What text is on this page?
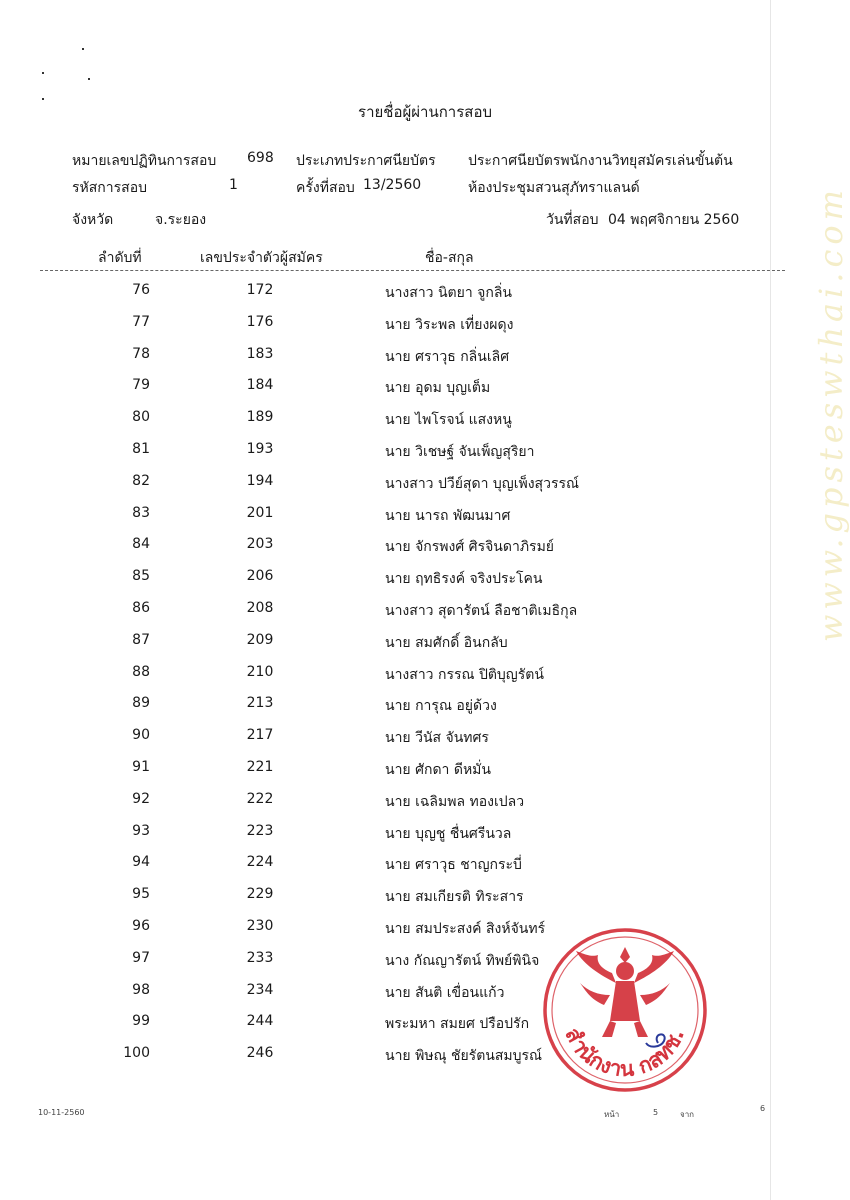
www.gpsteswthai.com
รายชื่อผู้ผ่านการสอบ
หมายเลขปฏิทินการสอบ 698 ประเภทประกาศนียบัตร ประกาศนียบัตรพนักงานวิทยุสมัครเล่นขั้นต้น
รหัสการสอบ	1	ครั้งที่สอบ 13/2560	ห้องประชุมสวนสุภัทราแลนด์
จังหวัด	จ.ระยอง	วันที่สอบ 04 พฤศจิกายน 2560
ลำดับที่	เลขประจำตัวผู้สมัคร	ชื่อ-สกุล
76	172	นางสาว นิตยา จูกลิ่น
77	176	นาย วิระพล เที่ยงผดุง
78	183	นาย ศราวุธ กลิ่นเลิศ
79	184	นาย อุดม บุญเต็ม
80	189	นาย ไพโรจน์ แสงหนู
81	193	นาย วิเชษฐ์ จันเพ็ญสุริยา
82	194	นางสาว ปวีย์สุดา บุญเพ็งสุวรรณ์
83	201	นาย นารถ พัฒนมาศ
84	203	นาย จักรพงศ์ ศิรจินดาภิรมย์
85	206	นาย ฤทธิรงค์ จริงประโคน
86	208	นางสาว สุดารัตน์ ลือชาติเมธิกุล
87	209	นาย สมศักดิ์ อินกลับ
88	210	นางสาว กรรณ ปิติบุญรัตน์
89	213	นาย การุณ อยู่ด้วง
90	217	นาย วีนัส จันทศร
91	221	นาย ศักดา ดีหมั่น
92	222	นาย เฉลิมพล ทองเปลว
93	223	นาย บุญชู ชื่นศรีนวล
94	224	นาย ศราวุธ ชาญกระบี่
95	229	นาย สมเกียรติ ทิระสาร
96	230	นาย สมประสงค์ สิงห์จันทร์
97	233	นาง กัณญารัตน์ ทิพย์พินิจ
98	234	นาย สันติ เขื่อนแก้ว
99	244	พระมหา สมยศ ปรือปรัก
100	246	นาย พิษณุ ชัยรัตนสมบูรณ์ สำนักงาน กสทช.
10-11-2560	หน้า	5	จาก
6
